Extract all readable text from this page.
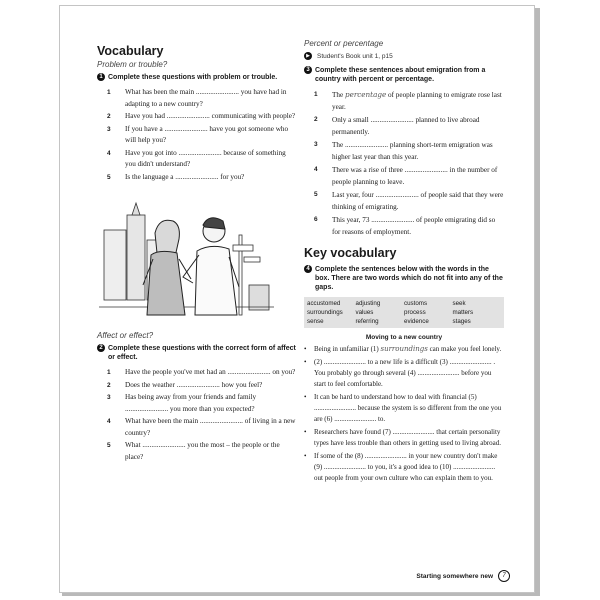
Vocabulary
Problem or trouble?
1 Complete these questions with problem or trouble.
1	What has been the main ........................ you have had in adapting to a new country?
2	Have you had ........................ communicating with people?
3	If you have a ........................ have you got someone who will help you?
4	Have you got into ........................ because of something you didn't understand?
5	Is the language a ........................ for you?
Affect or effect?
2 Complete these questions with the correct form of affect or effect.
1	Have the people you've met had an ........................ on you?
2	Does the weather ........................ how you feel?
3	Has being away from your friends and family ........................ you more than you expected?
4	What have been the main ........................ of living in a new country?
5	What ........................ you the most – the people or the place?
Percent or percentage
▶	Student's Book unit 1, p15
3 Complete these sentences about emigration from a country with percent or percentage.
1	The percentage of people planning to emigrate rose last year.
2	Only a small ........................ planned to live abroad permanently.
3	The ........................ planning short-term emigration was higher last year than this year.
4	There was a rise of three ........................ in the number of people planning to leave.
5	Last year, four ........................ of people said that they were thinking of emigrating.
6	This year, 73 ........................ of people emigrating did so for reasons of employment.
Key vocabulary
4 Complete the sentences below with the words in the box. There are two words which do not fit into any of the gaps.
accustomed	adjusting	customs	seek
surroundings	values	process	matters
sense	referring	evidence	stages
Moving to a new country
•	Being in unfamiliar (1) surroundings can make you feel lonely.
•	(2) ........................ to a new life is a difficult (3) ........................ . You probably go through several (4) ........................ before you start to feel comfortable.
•	It can be hard to understand how to deal with financial (5) ........................ because the system is so different from the one you are (6) ........................ to.
•	Researchers have found (7) ........................ that certain personality types have less trouble than others in getting used to living abroad.
•	If some of the (8) ........................ in your new country don't make (9) ........................ to you, it's a good idea to (10) ........................ out people from your own culture who can explain them to you.
Starting somewhere new	7
